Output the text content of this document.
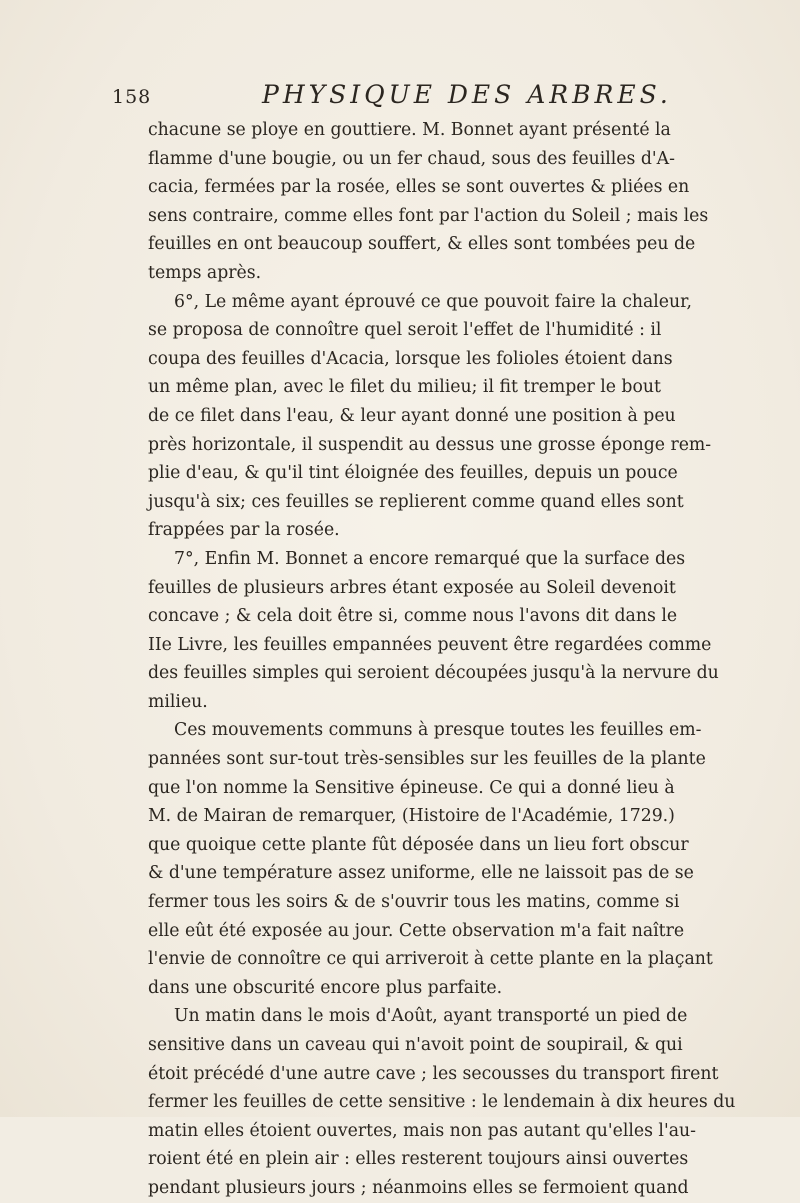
158	PHYSIQUE DES ARBRES.
chacune se ploye en gouttiere. M. Bonnet ayant présenté la
flamme d'une bougie, ou un fer chaud, sous des feuilles d'A-
cacia, fermées par la rosée, elles se sont ouvertes & pliées en
sens contraire, comme elles font par l'action du Soleil ; mais les
feuilles en ont beaucoup souffert, & elles sont tombées peu de
temps après.
6°, Le même ayant éprouvé ce que pouvoit faire la chaleur,
se proposa de connoître quel seroit l'effet de l'humidité : il
coupa des feuilles d'Acacia, lorsque les folioles étoient dans
un même plan, avec le filet du milieu; il fit tremper le bout
de ce filet dans l'eau, & leur ayant donné une position à peu
près horizontale, il suspendit au dessus une grosse éponge rem-
plie d'eau, & qu'il tint éloignée des feuilles, depuis un pouce
jusqu'à six; ces feuilles se replierent comme quand elles sont
frappées par la rosée.
7°, Enfin M. Bonnet a encore remarqué que la surface des
feuilles de plusieurs arbres étant exposée au Soleil devenoit
concave ; & cela doit être si, comme nous l'avons dit dans le
IIe Livre, les feuilles empannées peuvent être regardées comme
des feuilles simples qui seroient découpées jusqu'à la nervure du
milieu.
Ces mouvements communs à presque toutes les feuilles em-
pannées sont sur-tout très-sensibles sur les feuilles de la plante
que l'on nomme la Sensitive épineuse. Ce qui a donné lieu à
M. de Mairan de remarquer, (Histoire de l'Académie, 1729.)
que quoique cette plante fût déposée dans un lieu fort obscur
& d'une température assez uniforme, elle ne laissoit pas de se
fermer tous les soirs & de s'ouvrir tous les matins, comme si
elle eût été exposée au jour. Cette observation m'a fait naître
l'envie de connoître ce qui arriveroit à cette plante en la plaçant
dans une obscurité encore plus parfaite.
Un matin dans le mois d'Août, ayant transporté un pied de
sensitive dans un caveau qui n'avoit point de soupirail, & qui
étoit précédé d'une autre cave ; les secousses du transport firent
fermer les feuilles de cette sensitive : le lendemain à dix heures du
matin elles étoient ouvertes, mais non pas autant qu'elles l'au-
roient été en plein air : elles resterent toujours ainsi ouvertes
pendant plusieurs jours ; néanmoins elles se fermoient quand
